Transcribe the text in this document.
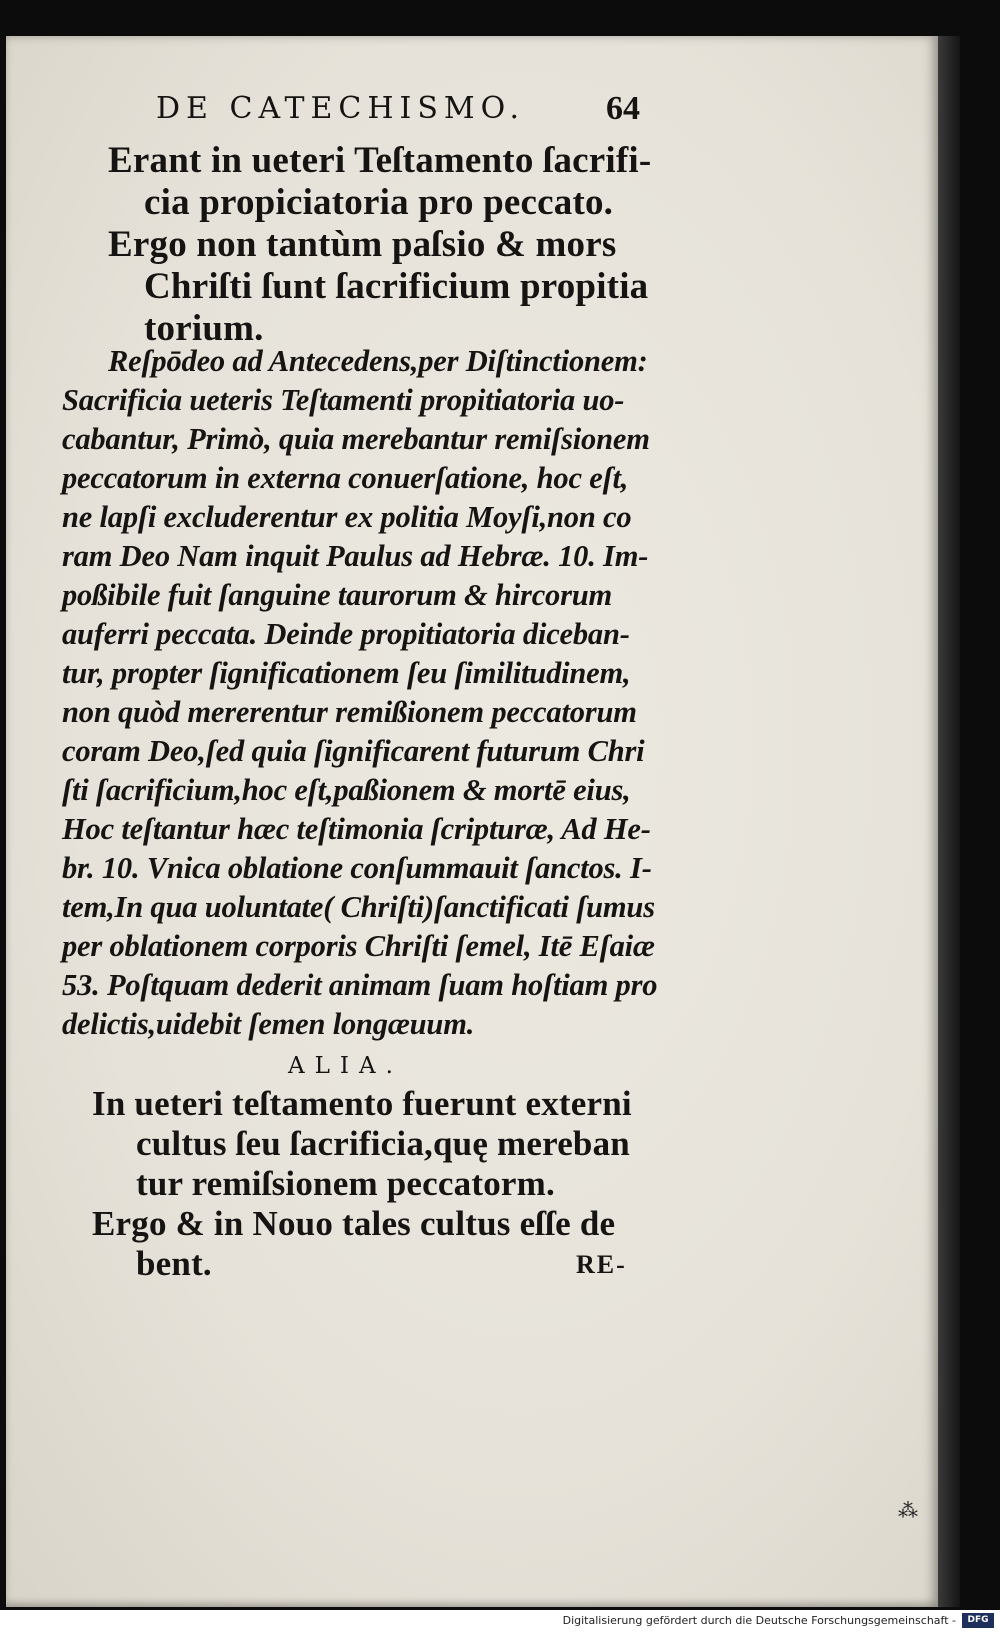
DE CATECHISMO. 64
Erant in ueteri Teſtamento ſacrifi-
cia propiciatoria pro peccato.
Ergo non tantùm paſsio & mors
Chriſti ſunt ſacrificium propitia
torium.
Reſpōdeo ad Antecedens,per Diſtinctionem:
Sacrificia ueteris Teſtamenti propitiatoria uo-
cabantur, Primò, quia merebantur remiſsionem
peccatorum in externa conuerſatione, hoc eſt,
ne lapſi excluderentur ex politia Moyſi,non co
ram Deo Nam inquit Paulus ad Hebræ. 10. Im-
poßibile fuit ſanguine taurorum & hircorum
auferri peccata. Deinde propitiatoria diceban-
tur, propter ſignificationem ſeu ſimilitudinem,
non quòd mererentur remißionem peccatorum
coram Deo,ſed quia ſignificarent futurum Chri
ſti ſacrificium,hoc eſt,paßionem & mortē eius,
Hoc teſtantur hæc teſtimonia ſcripturæ, Ad He-
br. 10. Vnica oblatione conſummauit ſanctos. I-
tem,In qua uoluntate( Chriſti)ſanctificati ſumus
per oblationem corporis Chriſti ſemel, Itē Eſaiæ
53. Poſtquam dederit animam ſuam hoſtiam pro
delictis,uidebit ſemen longæuum.
ALIA.
In ueteri teſtamento fuerunt externi
cultus ſeu ſacrificia,quę mereban
tur remiſsionem peccatorm.
Ergo & in Nouo tales cultus eſſe de
bent.	RE-
⁂
Digitalisierung gefördert durch die Deutsche Forschungsgemeinschaft -	DFG
